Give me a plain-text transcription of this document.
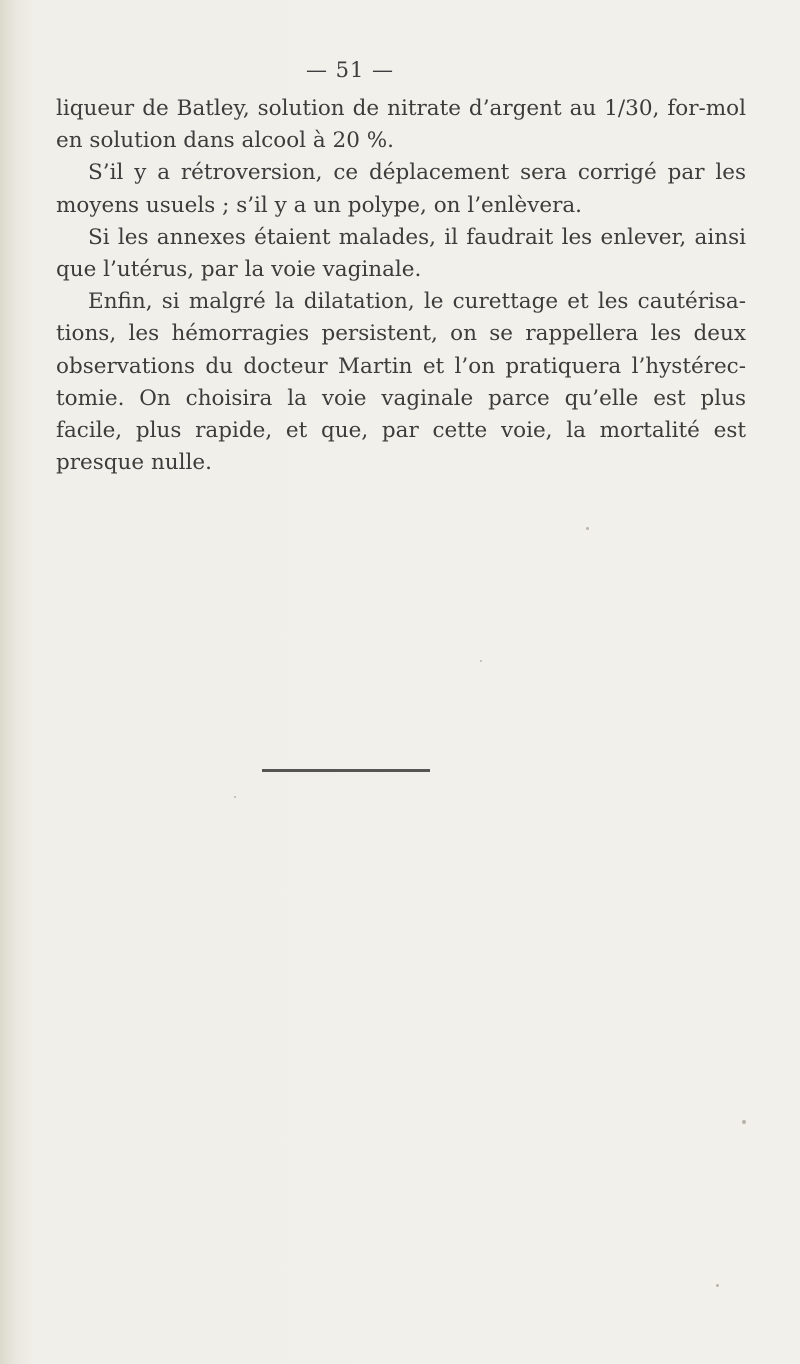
— 51 —

liqueur de Batley, solution de nitrate d’argent au 1/30, for-mol en solution dans alcool à 20 %.

S’il y a rétroversion, ce déplacement sera corrigé par les moyens usuels ; s’il y a un polype, on l’enlèvera.

Si les annexes étaient malades, il faudrait les enlever, ainsi que l’utérus, par la voie vaginale.

Enfin, si malgré la dilatation, le curettage et les cautérisa-tions, les hémorragies persistent, on se rappellera les deux observations du docteur Martin et l’on pratiquera l’hystérec-tomie. On choisira la voie vaginale parce qu’elle est plus facile, plus rapide, et que, par cette voie, la mortalité est presque nulle.
